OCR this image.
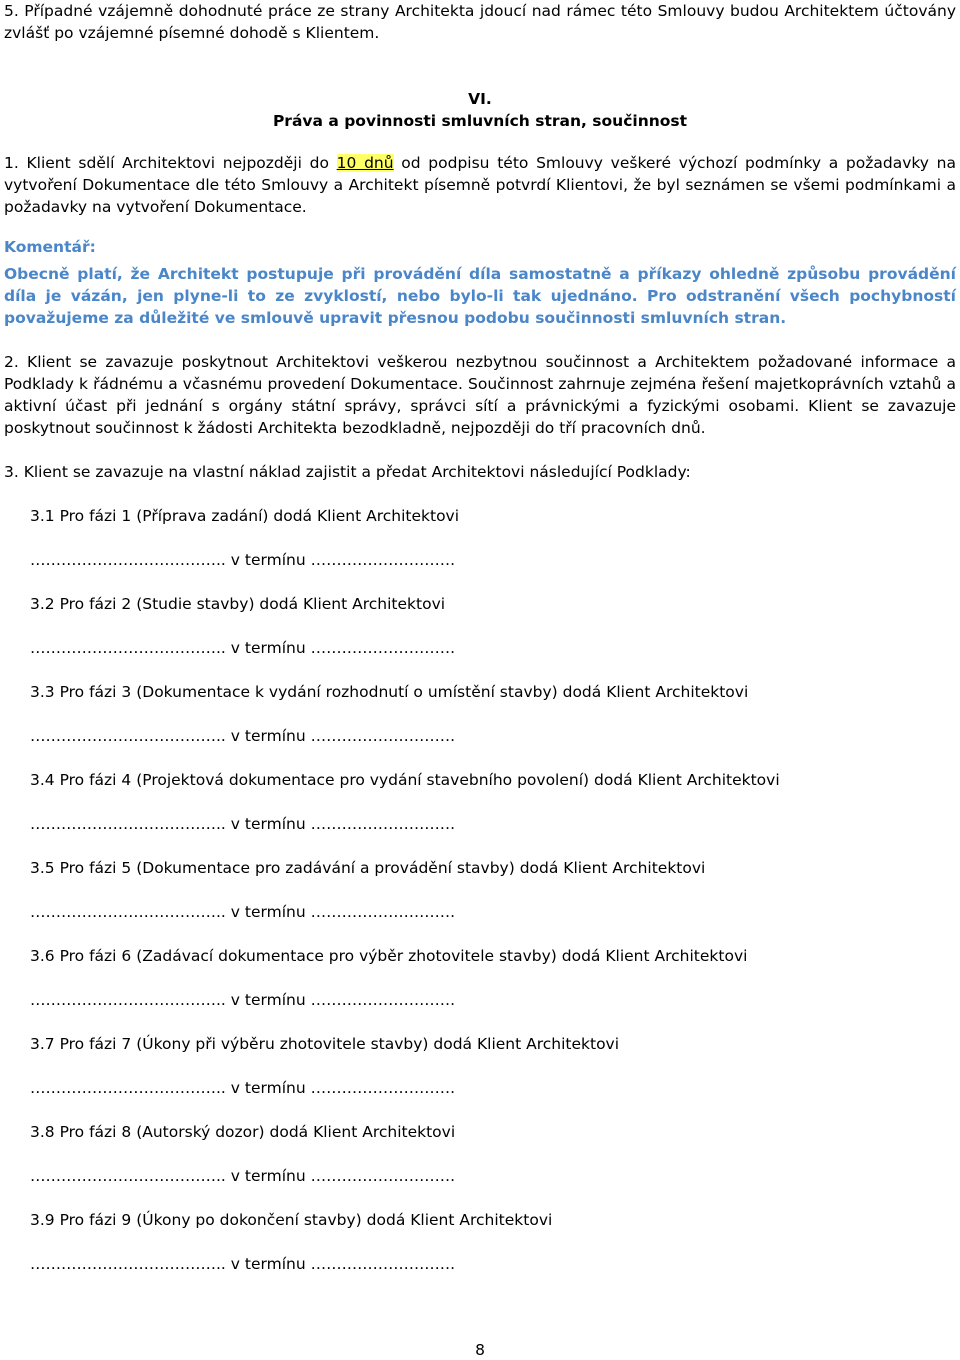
5. Případné vzájemně dohodnuté práce ze strany Architekta jdoucí nad rámec této Smlouvy budou Architektem účtovány zvlášť po vzájemné písemné dohodě s Klientem.

VI.

Práva a povinnosti smluvních stran, součinnost

1. Klient sdělí Architektovi nejpozději do 10 dnů od podpisu této Smlouvy veškeré výchozí podmínky a požadavky na vytvoření Dokumentace dle této Smlouvy a Architekt písemně potvrdí Klientovi, že byl seznámen se všemi podmínkami a požadavky na vytvoření Dokumentace.

Komentář:

Obecně platí, že Architekt postupuje při provádění díla samostatně a příkazy ohledně způsobu provádění díla je vázán, jen plyne-li to ze zvyklostí, nebo bylo-li tak ujednáno. Pro odstranění všech pochybností považujeme za důležité ve smlouvě upravit přesnou podobu součinnosti smluvních stran.

2. Klient se zavazuje poskytnout Architektovi veškerou nezbytnou součinnost a Architektem požadované informace a Podklady k řádnému a včasnému provedení Dokumentace. Součinnost zahrnuje zejména řešení majetkoprávních vztahů a aktivní účast při jednání s orgány státní správy, správci sítí a právnickými a fyzickými osobami. Klient se zavazuje poskytnout součinnost k žádosti Architekta bezodkladně, nejpozději do tří pracovních dnů.

3. Klient se zavazuje na vlastní náklad zajistit a předat Architektovi následující Podklady:

3.1 Pro fázi 1 (Příprava zadání) dodá Klient Architektovi

……………………………….. v termínu ……………………….

3.2 Pro fázi 2 (Studie stavby) dodá Klient Architektovi

……………………………….. v termínu ……………………….

3.3 Pro fázi 3 (Dokumentace k vydání rozhodnutí o umístění stavby) dodá Klient Architektovi

……………………………….. v termínu ……………………….

3.4 Pro fázi 4 (Projektová dokumentace pro vydání stavebního povolení) dodá Klient Architektovi

……………………………….. v termínu ……………………….

3.5 Pro fázi 5 (Dokumentace pro zadávání a provádění stavby) dodá Klient Architektovi

……………………………….. v termínu ……………………….

3.6 Pro fázi 6 (Zadávací dokumentace pro výběr zhotovitele stavby) dodá Klient Architektovi

……………………………….. v termínu ……………………….

3.7 Pro fázi 7 (Úkony při výběru zhotovitele stavby) dodá Klient Architektovi

……………………………….. v termínu ……………………….

3.8 Pro fázi 8 (Autorský dozor) dodá Klient Architektovi

……………………………….. v termínu ……………………….

3.9 Pro fázi 9 (Úkony po dokončení stavby) dodá Klient Architektovi

……………………………….. v termínu ……………………….

8
